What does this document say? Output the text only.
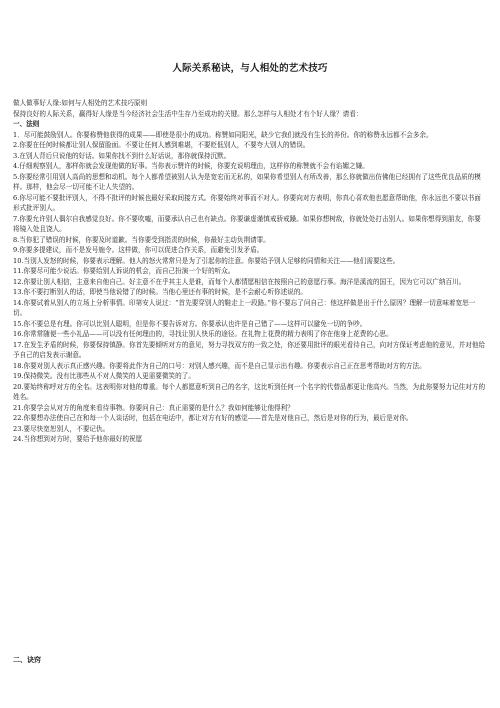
人际关系秘诀，与人相处的艺术技巧

做人做事好人缘:如何与人相处的艺术技巧原则

保持良好的人际关系，赢得好人缘是当今经济社会生活中生存乃至成功的关键。那么怎样与人相处才有个好人缘？请看：

一、法则

1．尽可能鼓励别人。你要称赞他获得的成果——即使是很小的成功。称赞如同阳光，缺少它我们就没有生长的养份。你的称赞永远都不会多余。
2.你要在任何时候都让别人保留脸面。不要让任何人感到难堪，不要贬低别人，不要夸大别人的错误。
3.在别人背后只说他的好话。如果你找不到什么好话说，那你就保持沉默。
4.仔细观察别人，那样你就会发现他做的好事。当你表示赞许的时候，你要充说明理由，这样你的称赞就不会有谄媚之嫌。
5.你要经常引用别人高尚的思想和动机。每个人都希望被别人认为是宽宏而无私的，如果你希望别人有所改善，那么你就做出仿佛他已经拥有了这些优良品质的模样。那样，他会尽一切可能不让人失望的。
6.你尽可能不要批评别人，不得不批评的时候也最好采取间接方式。你要始终对事而不对人。你要向对方表明，你真心喜欢他也愿意帮助他，你永远也不要以书面形式批评别人。
7.你要允许别人偶尔自我感觉良好。你不要吹嘘，而要承认自己也有缺点。你要谦虚谨慎戒骄戒躁。如果你想树敌，你就处处打击别人。如果你想得到朋友，你要将镜入处且饶人。
8.当你犯了错误的时候，你要及时道歉。当你要受到指责的时候，你最好主动负荆请罪。
9.你要多提建议，而不是发号施令。这样做，你可以促进合作关系，而避免引发矛盾。
10.当别人发怒的时候，你要表示理解。他人的怒火常常只是为了引起你的注意。你要给予别人足够的同情和关注——他们需要这些。
11.你要尽可能少说话。你要给别人诉说的机会，而自己扮演一个好的听众。
12.你要让别人相信，主意来自他自己。好主意不在乎其主人是谁，而每个人都情愿相信在按照自己的意愿行事。海洋是溪流的国王，因为它可以广纳百川。
13.你不要打断别人的话，即使当他说错了的时候。当他心里还有事的时候，是不会耐心听你述说的。
14.你要试着从别人的立场上分析事情。印第安人说过：“首先要穿别人的鞋走上一段路。”你不要忘了问自己：他这样做是出于什么原因？理解一切意味着宽恕一切。
15.你不要总是有理。你可以比别人聪明，但是你不要告诉对方。你要承认也许是自己错了——这样可以避免一切的争吵。
16.你常常随便一些小礼品——可以没有任何理由的，寻找让别人快乐的途径。在礼物上花费的精力表明了你在他身上花费的心思。
17.在发生矛盾的时候，你要保持镇静。你首先要倾听对方的意见，努力寻找双方的一致之处，你还要用批评的眼光看待自己，向对方保证考虑他的意见，并对他给予自己的启发表示谢意。
18.你要对别人表示真正感兴趣。你要将此作为自己的口号：对别人感兴趣，而不是自己显示出有趣。你要表示自己正在思考帮助对方的方法。
19.保持微笑。没有比那些从不对人微笑的人更需要微笑的了。
20.要始终称呼对方的全名。这表明你对他的尊重。每个人都愿意听到自己的名字，这比听到任何一个名字的代替品都更让他高兴。当然，为此你要努力记住对方的姓名。
21.你要学会从对方的角度来看待事物。你要问自己：真正需要的是什么？我如何能够让他得利？
22.你要想办法使自己在和每一个人谈话时，包括在电话中，都让对方有好的感觉——首先是对他自己，然后是对你的行为，最后是对你。
23.要尽快宽恕别人，不要记仇。
24.当你想到对方时，要给予他你最好的祝愿

二、诀窍
